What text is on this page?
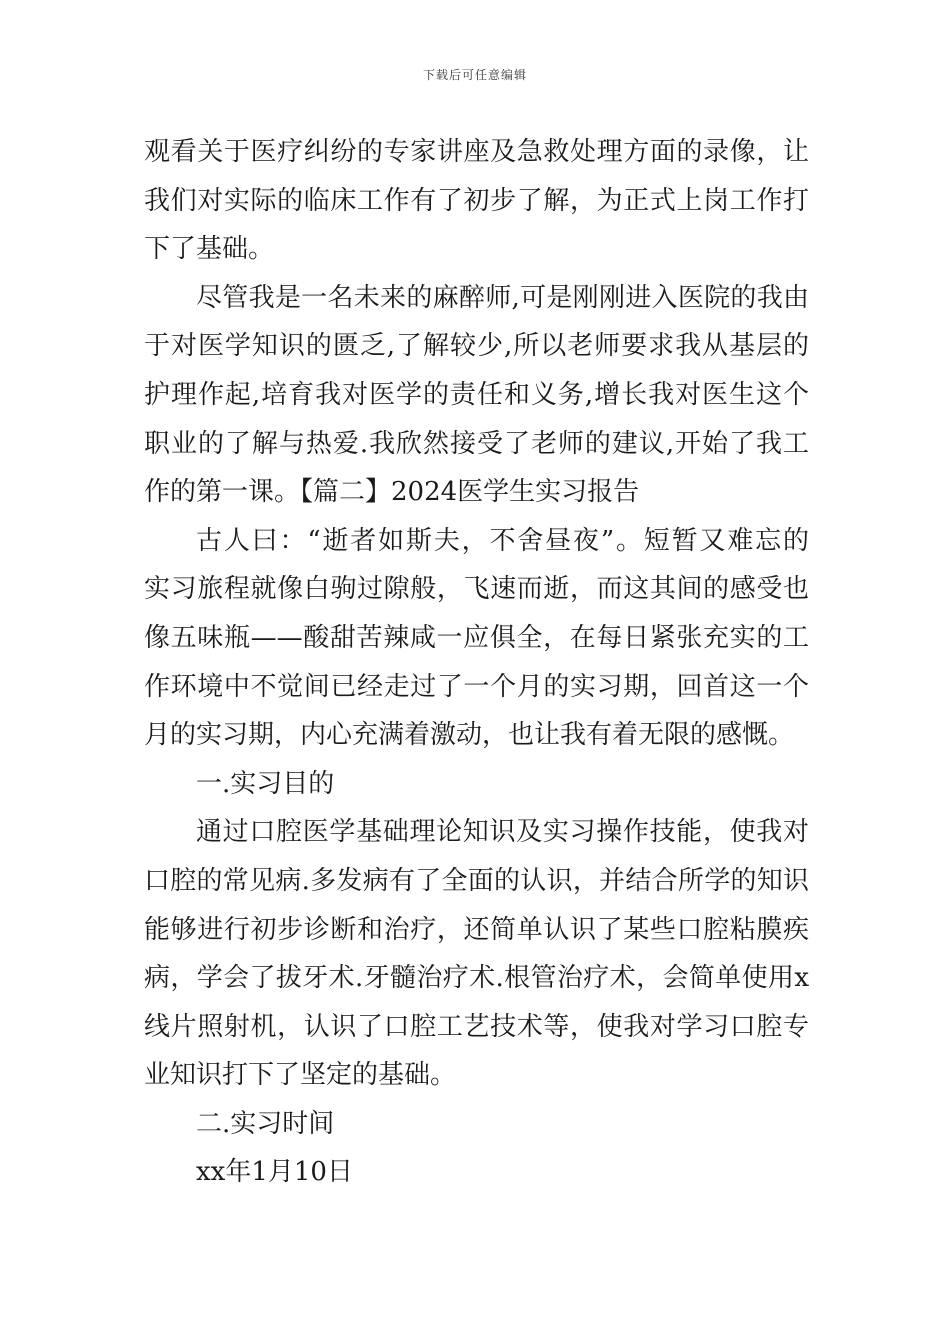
下载后可任意编辑
观看关于医疗纠纷的专家讲座及急救处理方面的录像，让
我们对实际的临床工作有了初步了解，为正式上岗工作打
下了基础。
尽管我是一名未来的麻醉师,可是刚刚进入医院的我由
于对医学知识的匮乏,了解较少,所以老师要求我从基层的
护理作起,培育我对医学的责任和义务,增长我对医生这个
职业的了解与热爱.我欣然接受了老师的建议,开始了我工
作的第一课。【篇二】2024医学生实习报告
古人曰：“逝者如斯夫，不舍昼夜”。短暂又难忘的
实习旅程就像白驹过隙般，飞速而逝，而这其间的感受也
像五味瓶——酸甜苦辣咸一应俱全，在每日紧张充实的工
作环境中不觉间已经走过了一个月的实习期，回首这一个
月的实习期，内心充满着激动，也让我有着无限的感慨。
一.实习目的
通过口腔医学基础理论知识及实习操作技能，使我对
口腔的常见病.多发病有了全面的认识，并结合所学的知识
能够进行初步诊断和治疗，还简单认识了某些口腔粘膜疾
病，学会了拔牙术.牙髓治疗术.根管治疗术，会简单使用x
线片照射机，认识了口腔工艺技术等，使我对学习口腔专
业知识打下了坚定的基础。
二.实习时间
xx年1月10日
